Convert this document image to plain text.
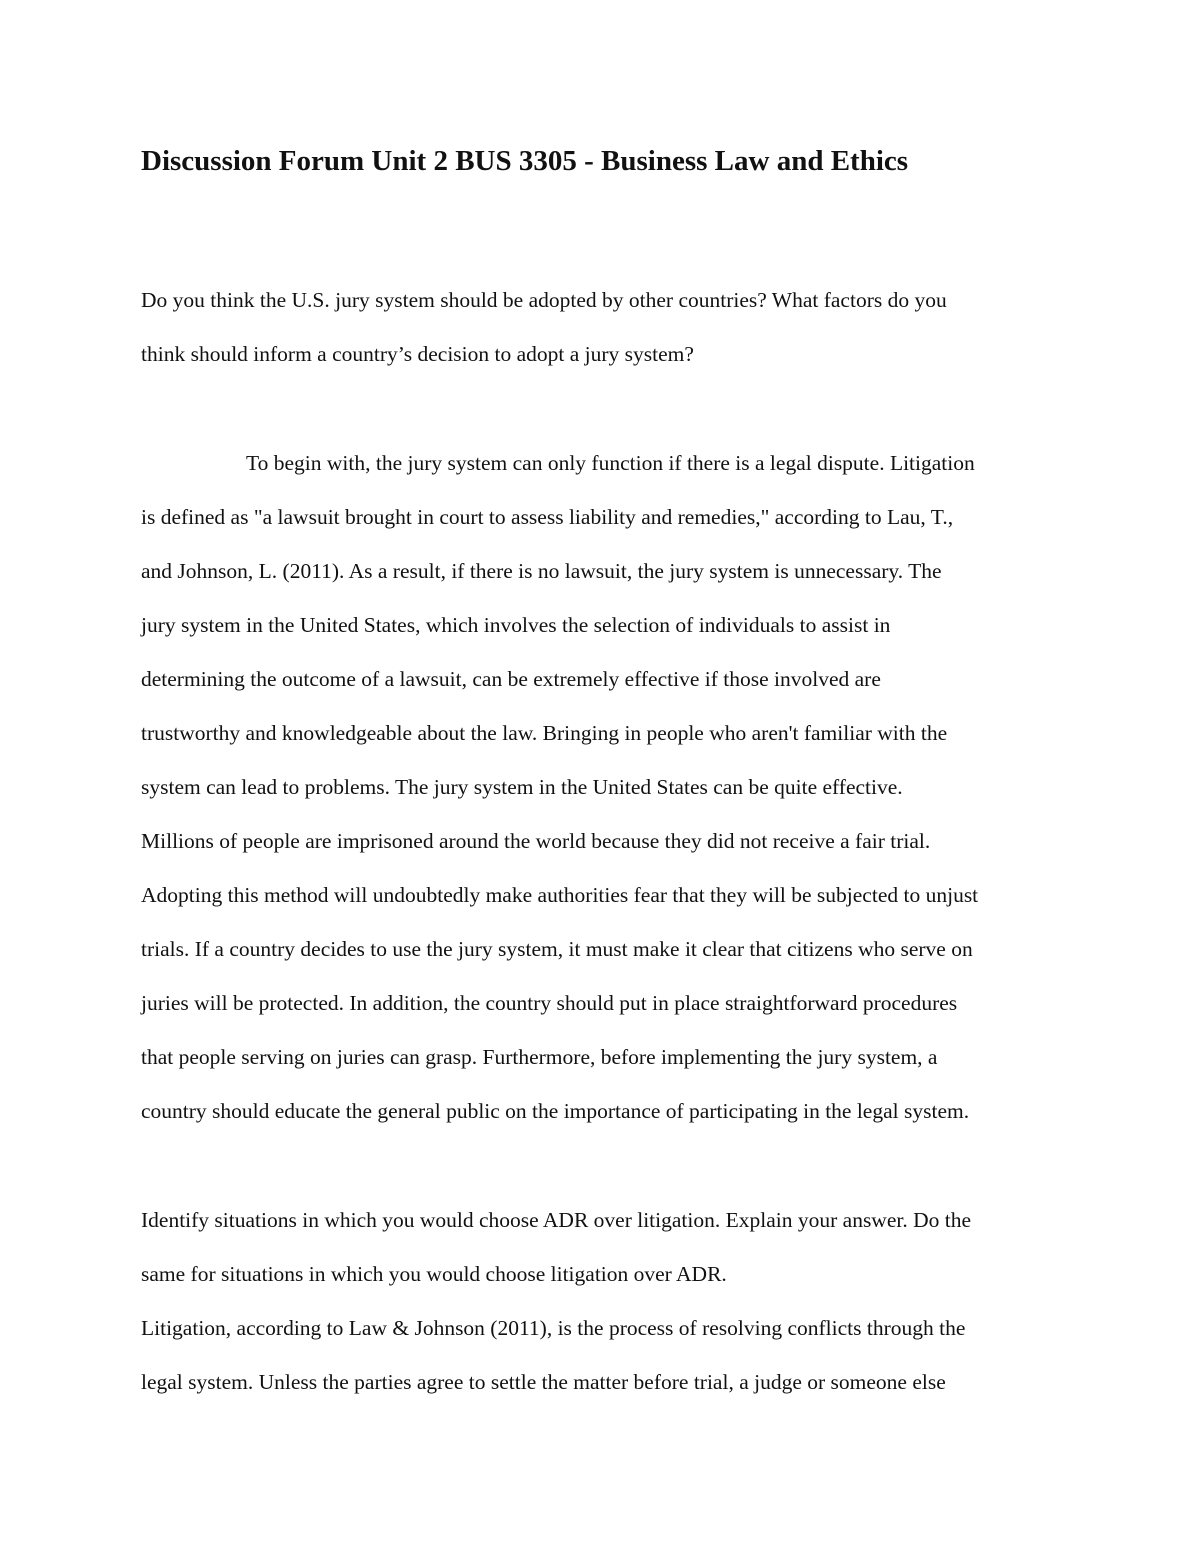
Discussion Forum Unit 2 BUS 3305 - Business Law and Ethics

Do you think the U.S. jury system should be adopted by other countries? What factors do you

think should inform a country’s decision to adopt a jury system?

To begin with, the jury system can only function if there is a legal dispute. Litigation

is defined as "a lawsuit brought in court to assess liability and remedies," according to Lau, T.,

and Johnson, L. (2011). As a result, if there is no lawsuit, the jury system is unnecessary. The

jury system in the United States, which involves the selection of individuals to assist in

determining the outcome of a lawsuit, can be extremely effective if those involved are

trustworthy and knowledgeable about the law. Bringing in people who aren't familiar with the

system can lead to problems. The jury system in the United States can be quite effective.

Millions of people are imprisoned around the world because they did not receive a fair trial.

Adopting this method will undoubtedly make authorities fear that they will be subjected to unjust

trials. If a country decides to use the jury system, it must make it clear that citizens who serve on

juries will be protected. In addition, the country should put in place straightforward procedures

that people serving on juries can grasp. Furthermore, before implementing the jury system, a

country should educate the general public on the importance of participating in the legal system.

Identify situations in which you would choose ADR over litigation. Explain your answer. Do the

same for situations in which you would choose litigation over ADR.

Litigation, according to Law & Johnson (2011), is the process of resolving conflicts through the

legal system. Unless the parties agree to settle the matter before trial, a judge or someone else
